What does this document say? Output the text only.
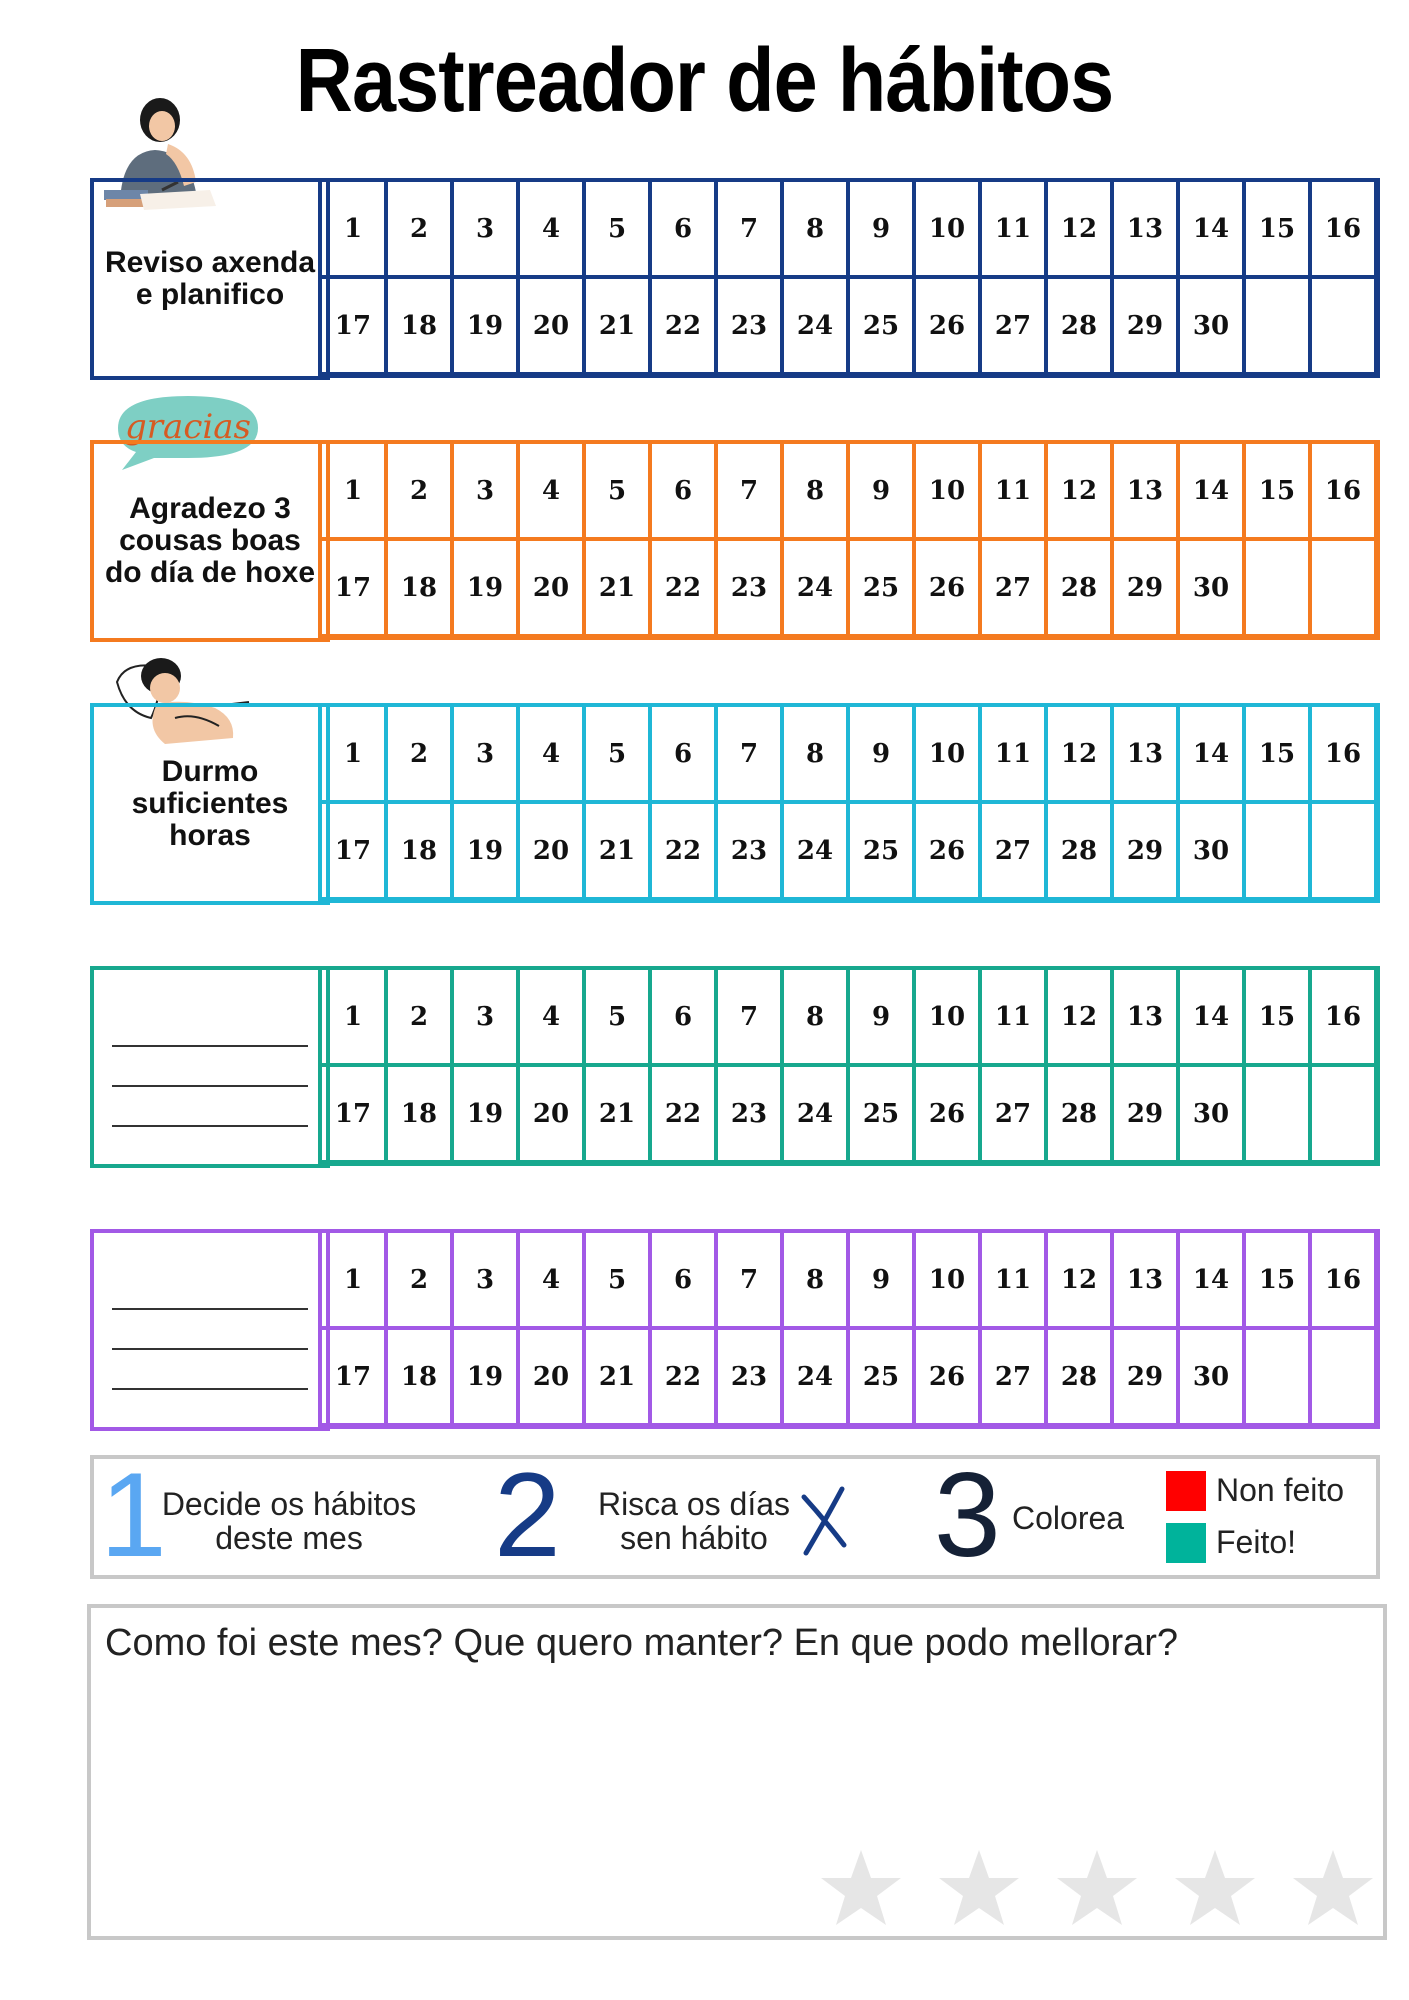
Rastreador de hábitos
gracias
Reviso axenda e planifico
1	2	3	4	5	6	7	8	9	10	11	12	13	14	15	16
17	18	19	20	21	22	23	24	25	26	27	28	29	30
Agradezo 3 cousas boas do día de hoxe
1	2	3	4	5	6	7	8	9	10	11	12	13	14	15	16
17	18	19	20	21	22	23	24	25	26	27	28	29	30
Durmo suficientes horas
1	2	3	4	5	6	7	8	9	10	11	12	13	14	15	16
17	18	19	20	21	22	23	24	25	26	27	28	29	30
1	2	3	4	5	6	7	8	9	10	11	12	13	14	15	16
17	18	19	20	21	22	23	24	25	26	27	28	29	30
1	2	3	4	5	6	7	8	9	10	11	12	13	14	15	16
17	18	19	20	21	22	23	24	25	26	27	28	29	30
1
Decide os hábitos deste mes	2	Risca os días sen hábito	3 Colorea
Non feito
Feito!
Como foi este mes? Que quero manter? En que podo mellorar?
